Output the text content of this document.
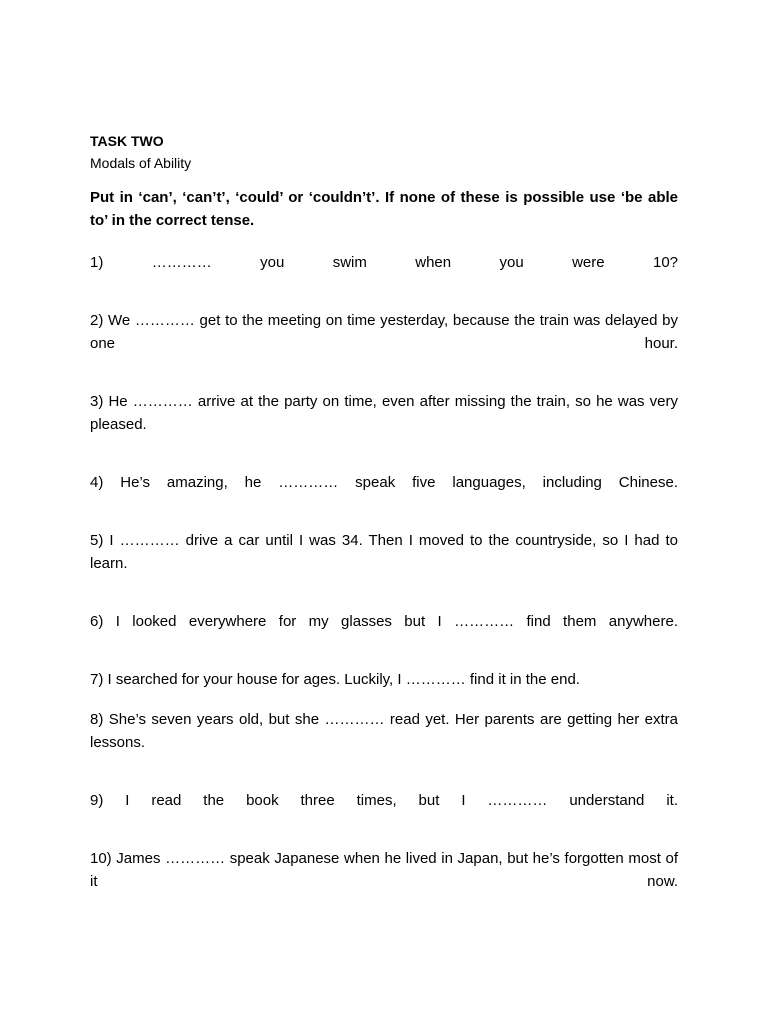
TASK TWO

Modals of Ability

Put in ‘can’, ‘can’t’, ‘could’ or ‘couldn’t’. If none of these is possible use ‘be able to’ in the correct tense.

1) ………… you swim when you were 10?

2) We ………… get to the meeting on time yesterday, because the train was delayed by one hour.

3) He ………… arrive at the party on time, even after missing the train, so he was very pleased.

4) He’s amazing, he ………… speak five languages, including Chinese.

5) I ………… drive a car until I was 34. Then I moved to the countryside, so I had to learn.

6) I looked everywhere for my glasses but I ………… find them anywhere.

7) I searched for your house for ages. Luckily, I ………… find it in the end.

8) She’s seven years old, but she ………… read yet. Her parents are getting her extra lessons.

9) I read the book three times, but I ………… understand it.

10) James ………… speak Japanese when he lived in Japan, but he’s forgotten most of it now.
